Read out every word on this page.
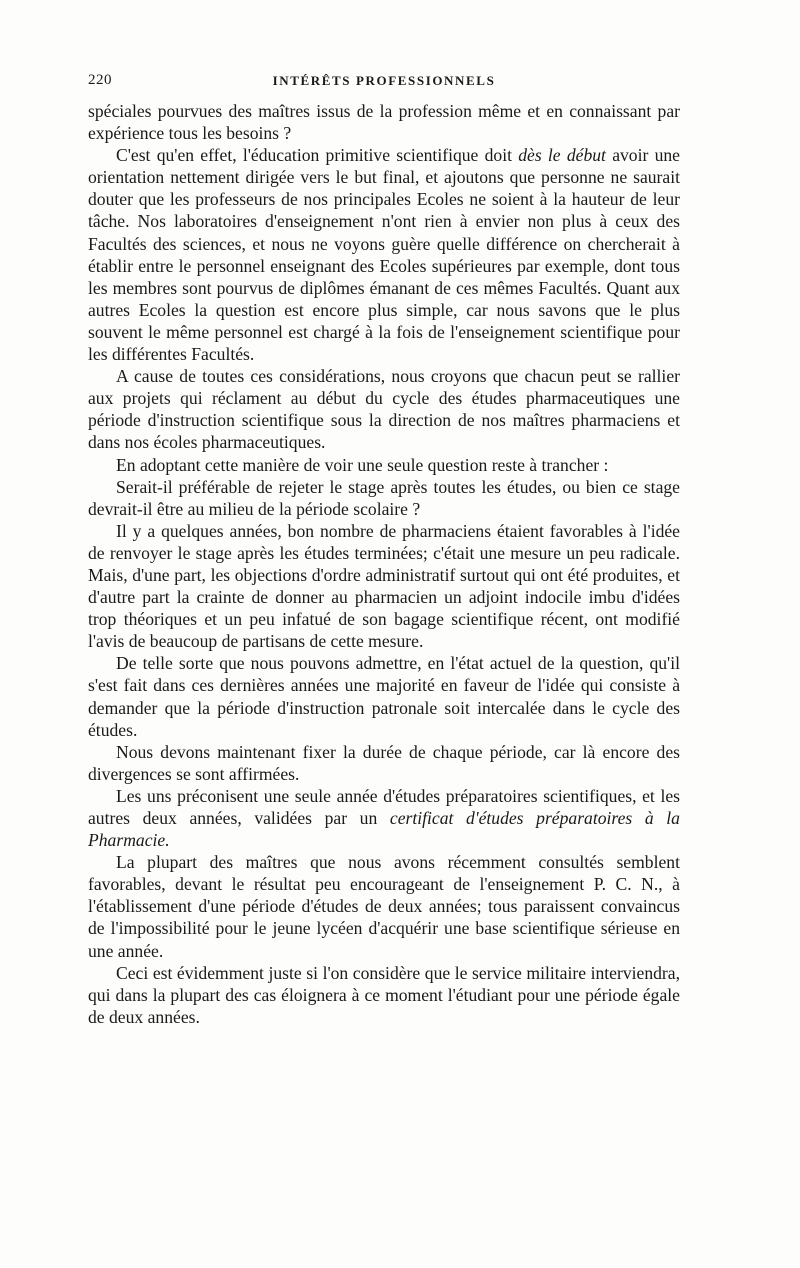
220	INTÉRÊTS PROFESSIONNELS

spéciales pourvues des maîtres issus de la profession même et en connaissant par expérience tous les besoins ?

C'est qu'en effet, l'éducation primitive scientifique doit dès le début avoir une orientation nettement dirigée vers le but final, et ajoutons que personne ne saurait douter que les professeurs de nos principales Ecoles ne soient à la hauteur de leur tâche. Nos laboratoires d'enseignement n'ont rien à envier non plus à ceux des Facultés des sciences, et nous ne voyons guère quelle différence on chercherait à établir entre le personnel enseignant des Ecoles supérieures par exemple, dont tous les membres sont pourvus de diplômes émanant de ces mêmes Facultés. Quant aux autres Ecoles la question est encore plus simple, car nous savons que le plus souvent le même personnel est chargé à la fois de l'enseignement scientifique pour les différentes Facultés.

A cause de toutes ces considérations, nous croyons que chacun peut se rallier aux projets qui réclament au début du cycle des études pharmaceutiques une période d'instruction scientifique sous la direction de nos maîtres pharmaciens et dans nos écoles pharmaceutiques.

En adoptant cette manière de voir une seule question reste à trancher :

Serait-il préférable de rejeter le stage après toutes les études, ou bien ce stage devrait-il être au milieu de la période scolaire ?

Il y a quelques années, bon nombre de pharmaciens étaient favorables à l'idée de renvoyer le stage après les études terminées; c'était une mesure un peu radicale. Mais, d'une part, les objections d'ordre administratif surtout qui ont été produites, et d'autre part la crainte de donner au pharmacien un adjoint indocile imbu d'idées trop théoriques et un peu infatué de son bagage scientifique récent, ont modifié l'avis de beaucoup de partisans de cette mesure.

De telle sorte que nous pouvons admettre, en l'état actuel de la question, qu'il s'est fait dans ces dernières années une majorité en faveur de l'idée qui consiste à demander que la période d'instruction patronale soit intercalée dans le cycle des études.

Nous devons maintenant fixer la durée de chaque période, car là encore des divergences se sont affirmées.

Les uns préconisent une seule année d'études préparatoires scientifiques, et les autres deux années, validées par un certificat d'études préparatoires à la Pharmacie.

La plupart des maîtres que nous avons récemment consultés semblent favorables, devant le résultat peu encourageant de l'enseignement P. C. N., à l'établissement d'une période d'études de deux années; tous paraissent convaincus de l'impossibilité pour le jeune lycéen d'acquérir une base scientifique sérieuse en une année.

Ceci est évidemment juste si l'on considère que le service militaire interviendra, qui dans la plupart des cas éloignera à ce moment l'étudiant pour une période égale de deux années.
